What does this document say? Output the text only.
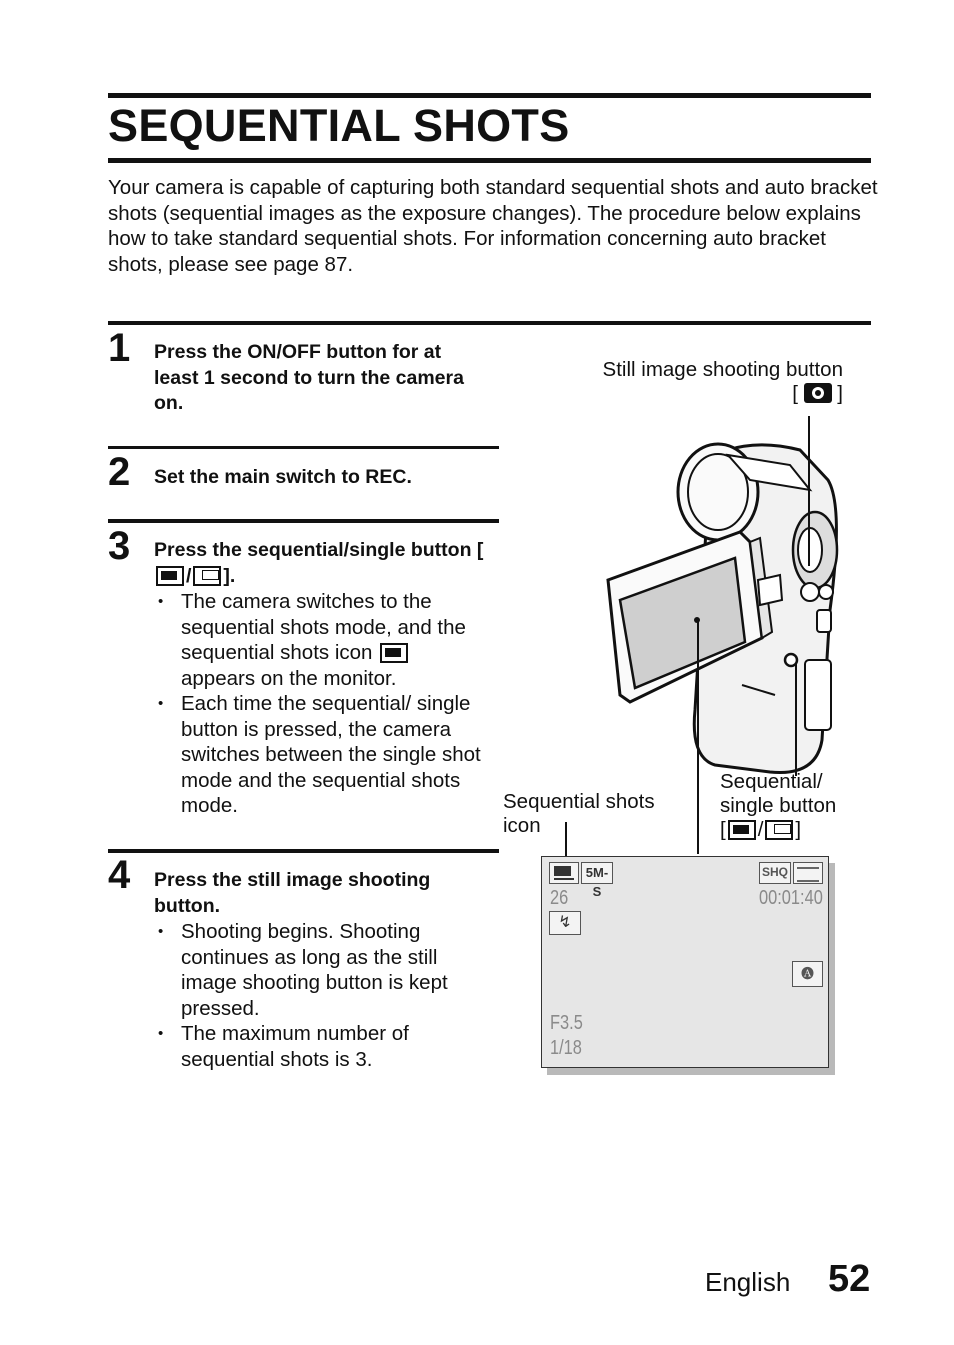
SEQUENTIAL SHOTS
Your camera is capable of capturing both standard sequential shots and auto bracket shots (sequential images as the exposure changes). The procedure below explains how to take standard sequential shots. For information concerning auto bracket shots, please see page 87.
1 Press the ON/OFF button for at least 1 second to turn the camera on.
2 Set the main switch to REC.
3 Press the sequential/single button [
/ ].
• The camera switches to the sequential shots mode, and the sequential shots icon
appears on the monitor.
• Each time the sequential/ single button is pressed, the camera switches between the single shot mode and the sequential shots mode.
4 Press the still image shooting button.
• Shooting begins. Shooting continues as long as the still image shooting button is kept pressed.
• The maximum number of sequential shots is 3.
Still image shooting button
[ ]
Sequential/
single button
[ / ]
Sequential shots
icon
5M-S
SHQ
26	00:01:40
↯
🅐
F3.5
1/18
English 52
